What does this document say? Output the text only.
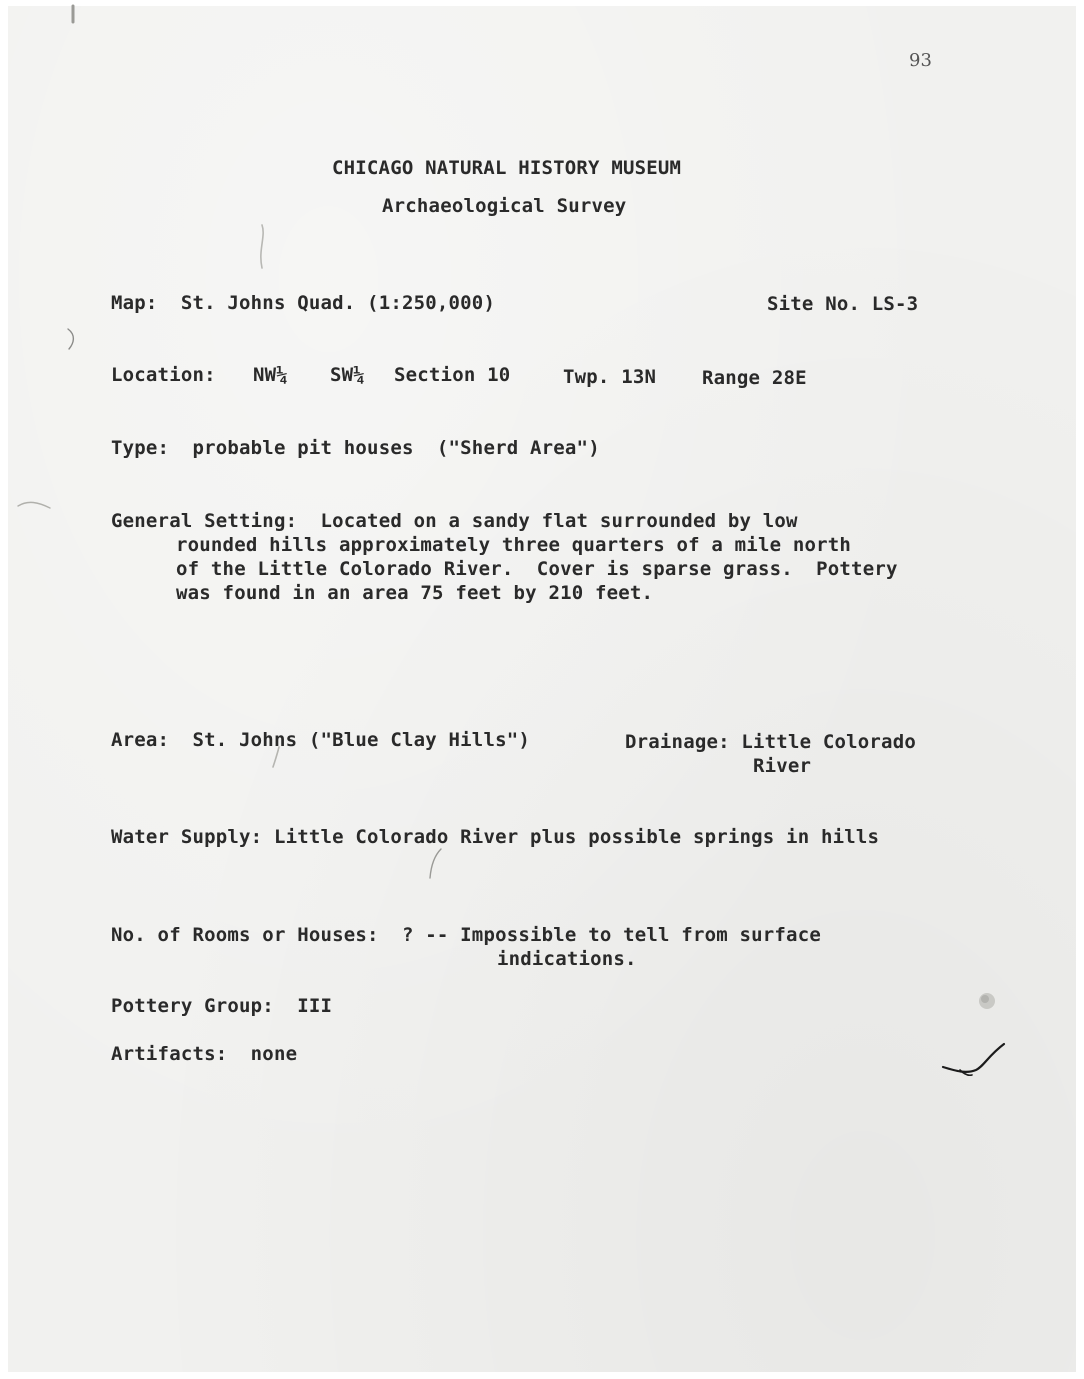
93
CHICAGO NATURAL HISTORY MUSEUM
Archaeological Survey
Map:  St. Johns Quad. (1:250,000)	Site No. LS-3
Location: NW¼ SW¼ Section 10	Twp. 13N Range 28E
Type:  probable pit houses  ("Sherd Area")
General Setting:  Located on a sandy flat surrounded by low
rounded hills approximately three quarters of a mile north
of the Little Colorado River.  Cover is sparse grass.  Pottery
was found in an area 75 feet by 210 feet.
Area:  St. Johns ("Blue Clay Hills")	Drainage: Little Colorado
River
Water Supply: Little Colorado River plus possible springs in hills
No. of Rooms or Houses:  ? -- Impossible to tell from surface
indications.
Pottery Group:  III
Artifacts:  none
